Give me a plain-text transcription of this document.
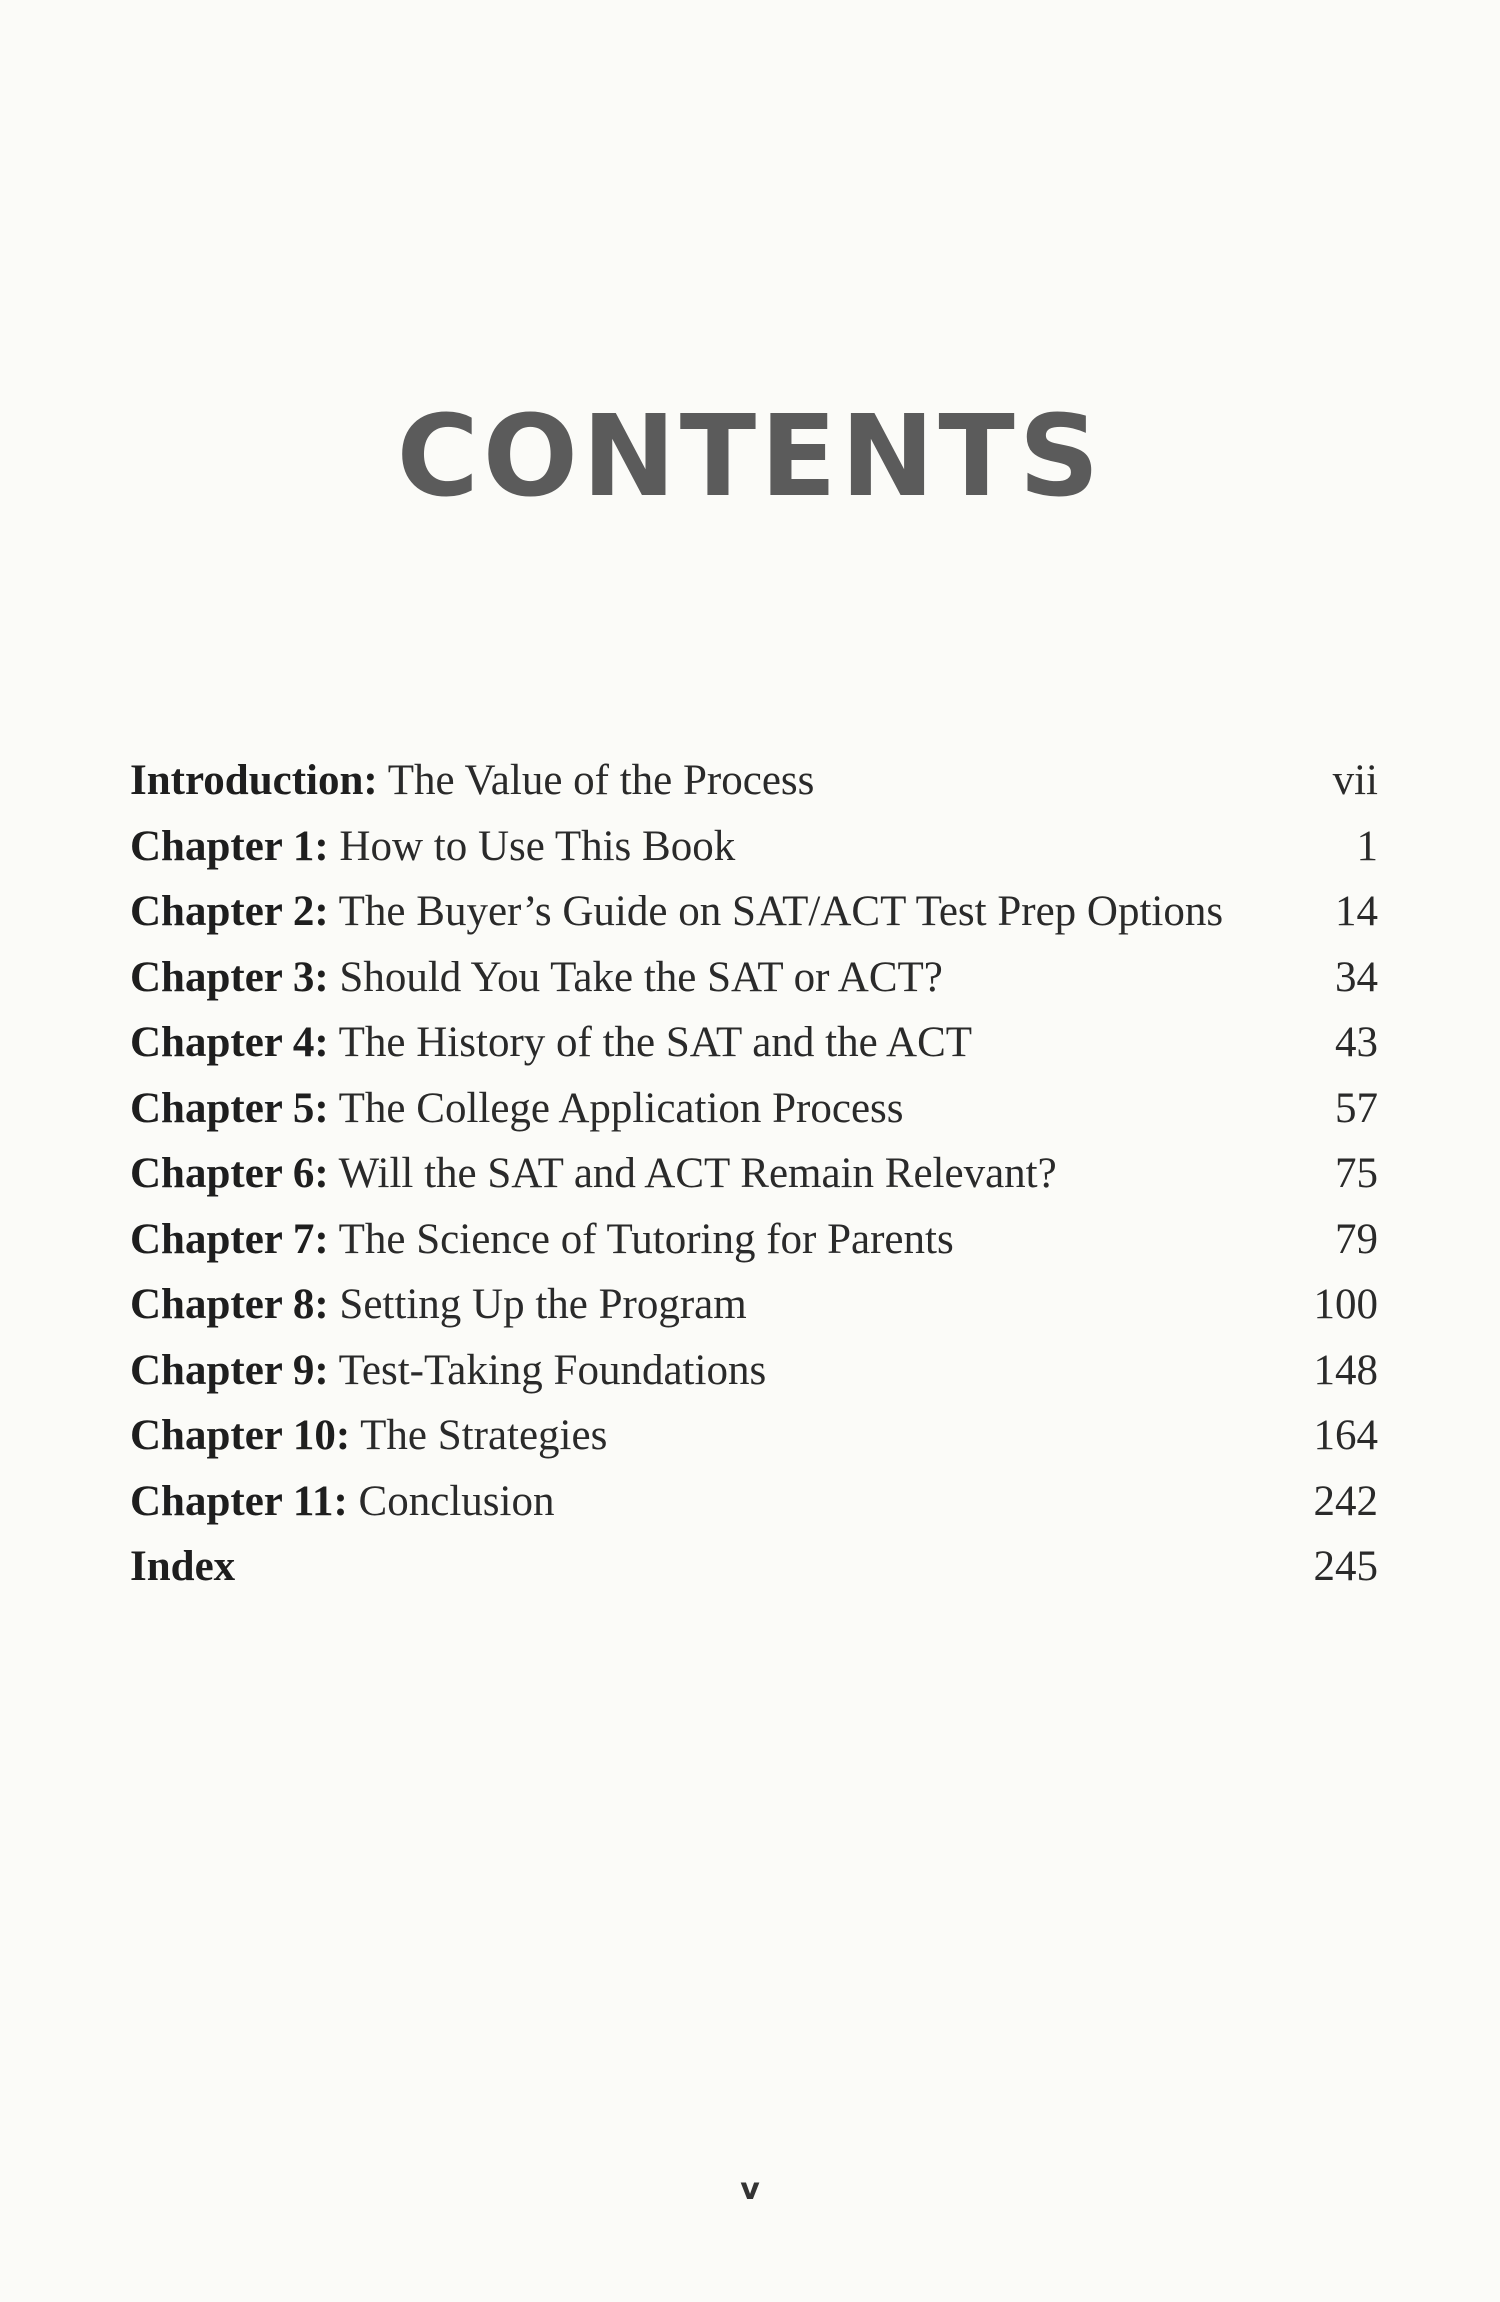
CONTENTS
Introduction: The Value of the Process	vii
Chapter 1: How to Use This Book	1
Chapter 2: The Buyer’s Guide on SAT/ACT Test Prep Options	14
Chapter 3: Should You Take the SAT or ACT?	34
Chapter 4: The History of the SAT and the ACT	43
Chapter 5: The College Application Process	57
Chapter 6: Will the SAT and ACT Remain Relevant?	75
Chapter 7: The Science of Tutoring for Parents	79
Chapter 8: Setting Up the Program	100
Chapter 9: Test-Taking Foundations	148
Chapter 10: The Strategies	164
Chapter 11: Conclusion	242
Index	245
v
